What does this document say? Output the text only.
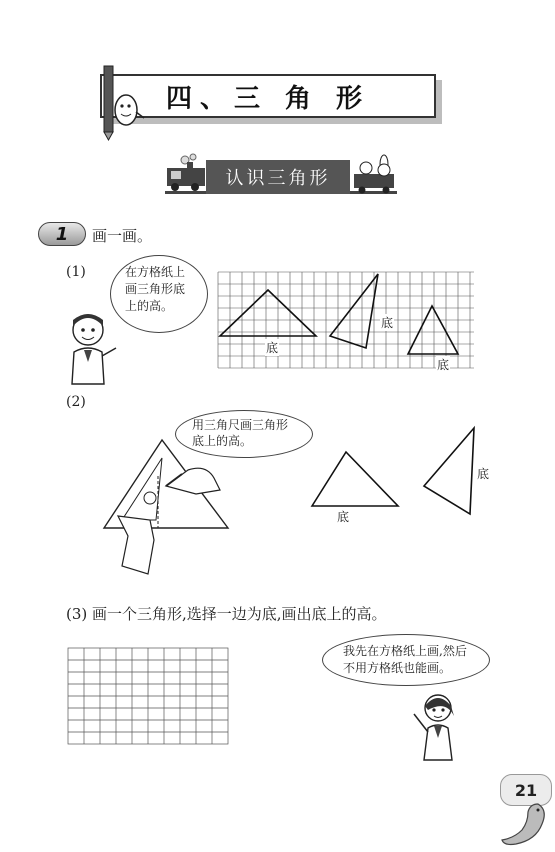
四、三 角 形
认识三角形
1	画一画。
(1)	在方格纸上
画三角形底
上的高。
底
底
底
(2)
用三角尺画三角形
底上的高。
底
底
(3) 画一个三角形,选择一边为底,画出底上的高。
我先在方格纸上画,然后
不用方格纸也能画。
21
